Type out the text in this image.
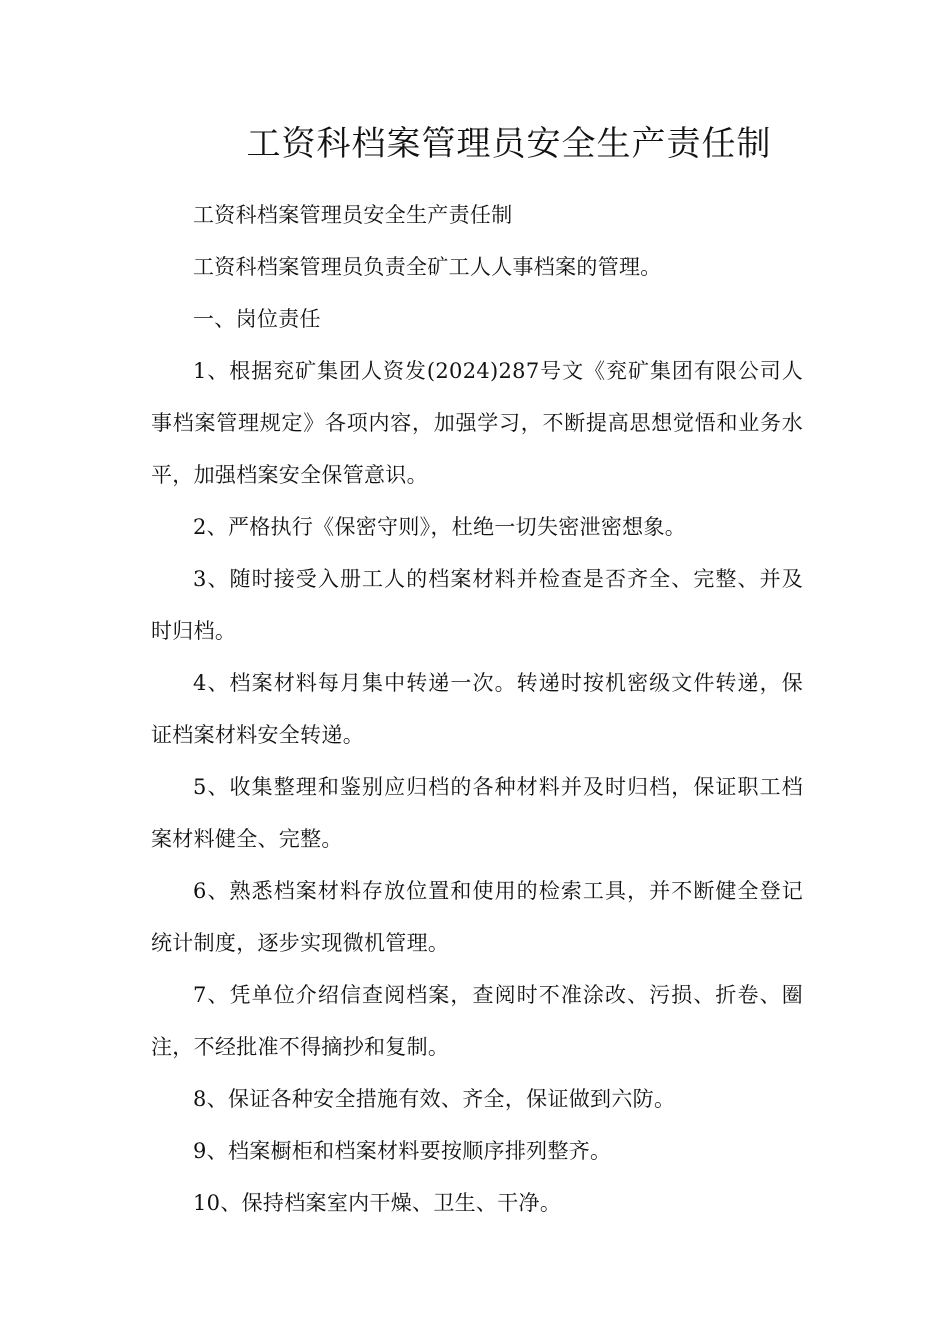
工资科档案管理员安全生产责任制

工资科档案管理员安全生产责任制

工资科档案管理员负责全矿工人人事档案的管理。

一、岗位责任

1、根据兖矿集团人资发(2024)287号文《兖矿集团有限公司人事档案管理规定》各项内容，加强学习，不断提高思想觉悟和业务水平，加强档案安全保管意识。

2、严格执行《保密守则》，杜绝一切失密泄密想象。

3、随时接受入册工人的档案材料并检查是否齐全、完整、并及时归档。

4、档案材料每月集中转递一次。转递时按机密级文件转递，保证档案材料安全转递。

5、收集整理和鉴别应归档的各种材料并及时归档，保证职工档案材料健全、完整。

6、熟悉档案材料存放位置和使用的检索工具，并不断健全登记统计制度，逐步实现微机管理。

7、凭单位介绍信查阅档案，查阅时不准涂改、污损、折卷、圈注，不经批准不得摘抄和复制。

8、保证各种安全措施有效、齐全，保证做到六防。

9、档案橱柜和档案材料要按顺序排列整齐。

10、保持档案室内干燥、卫生、干净。
